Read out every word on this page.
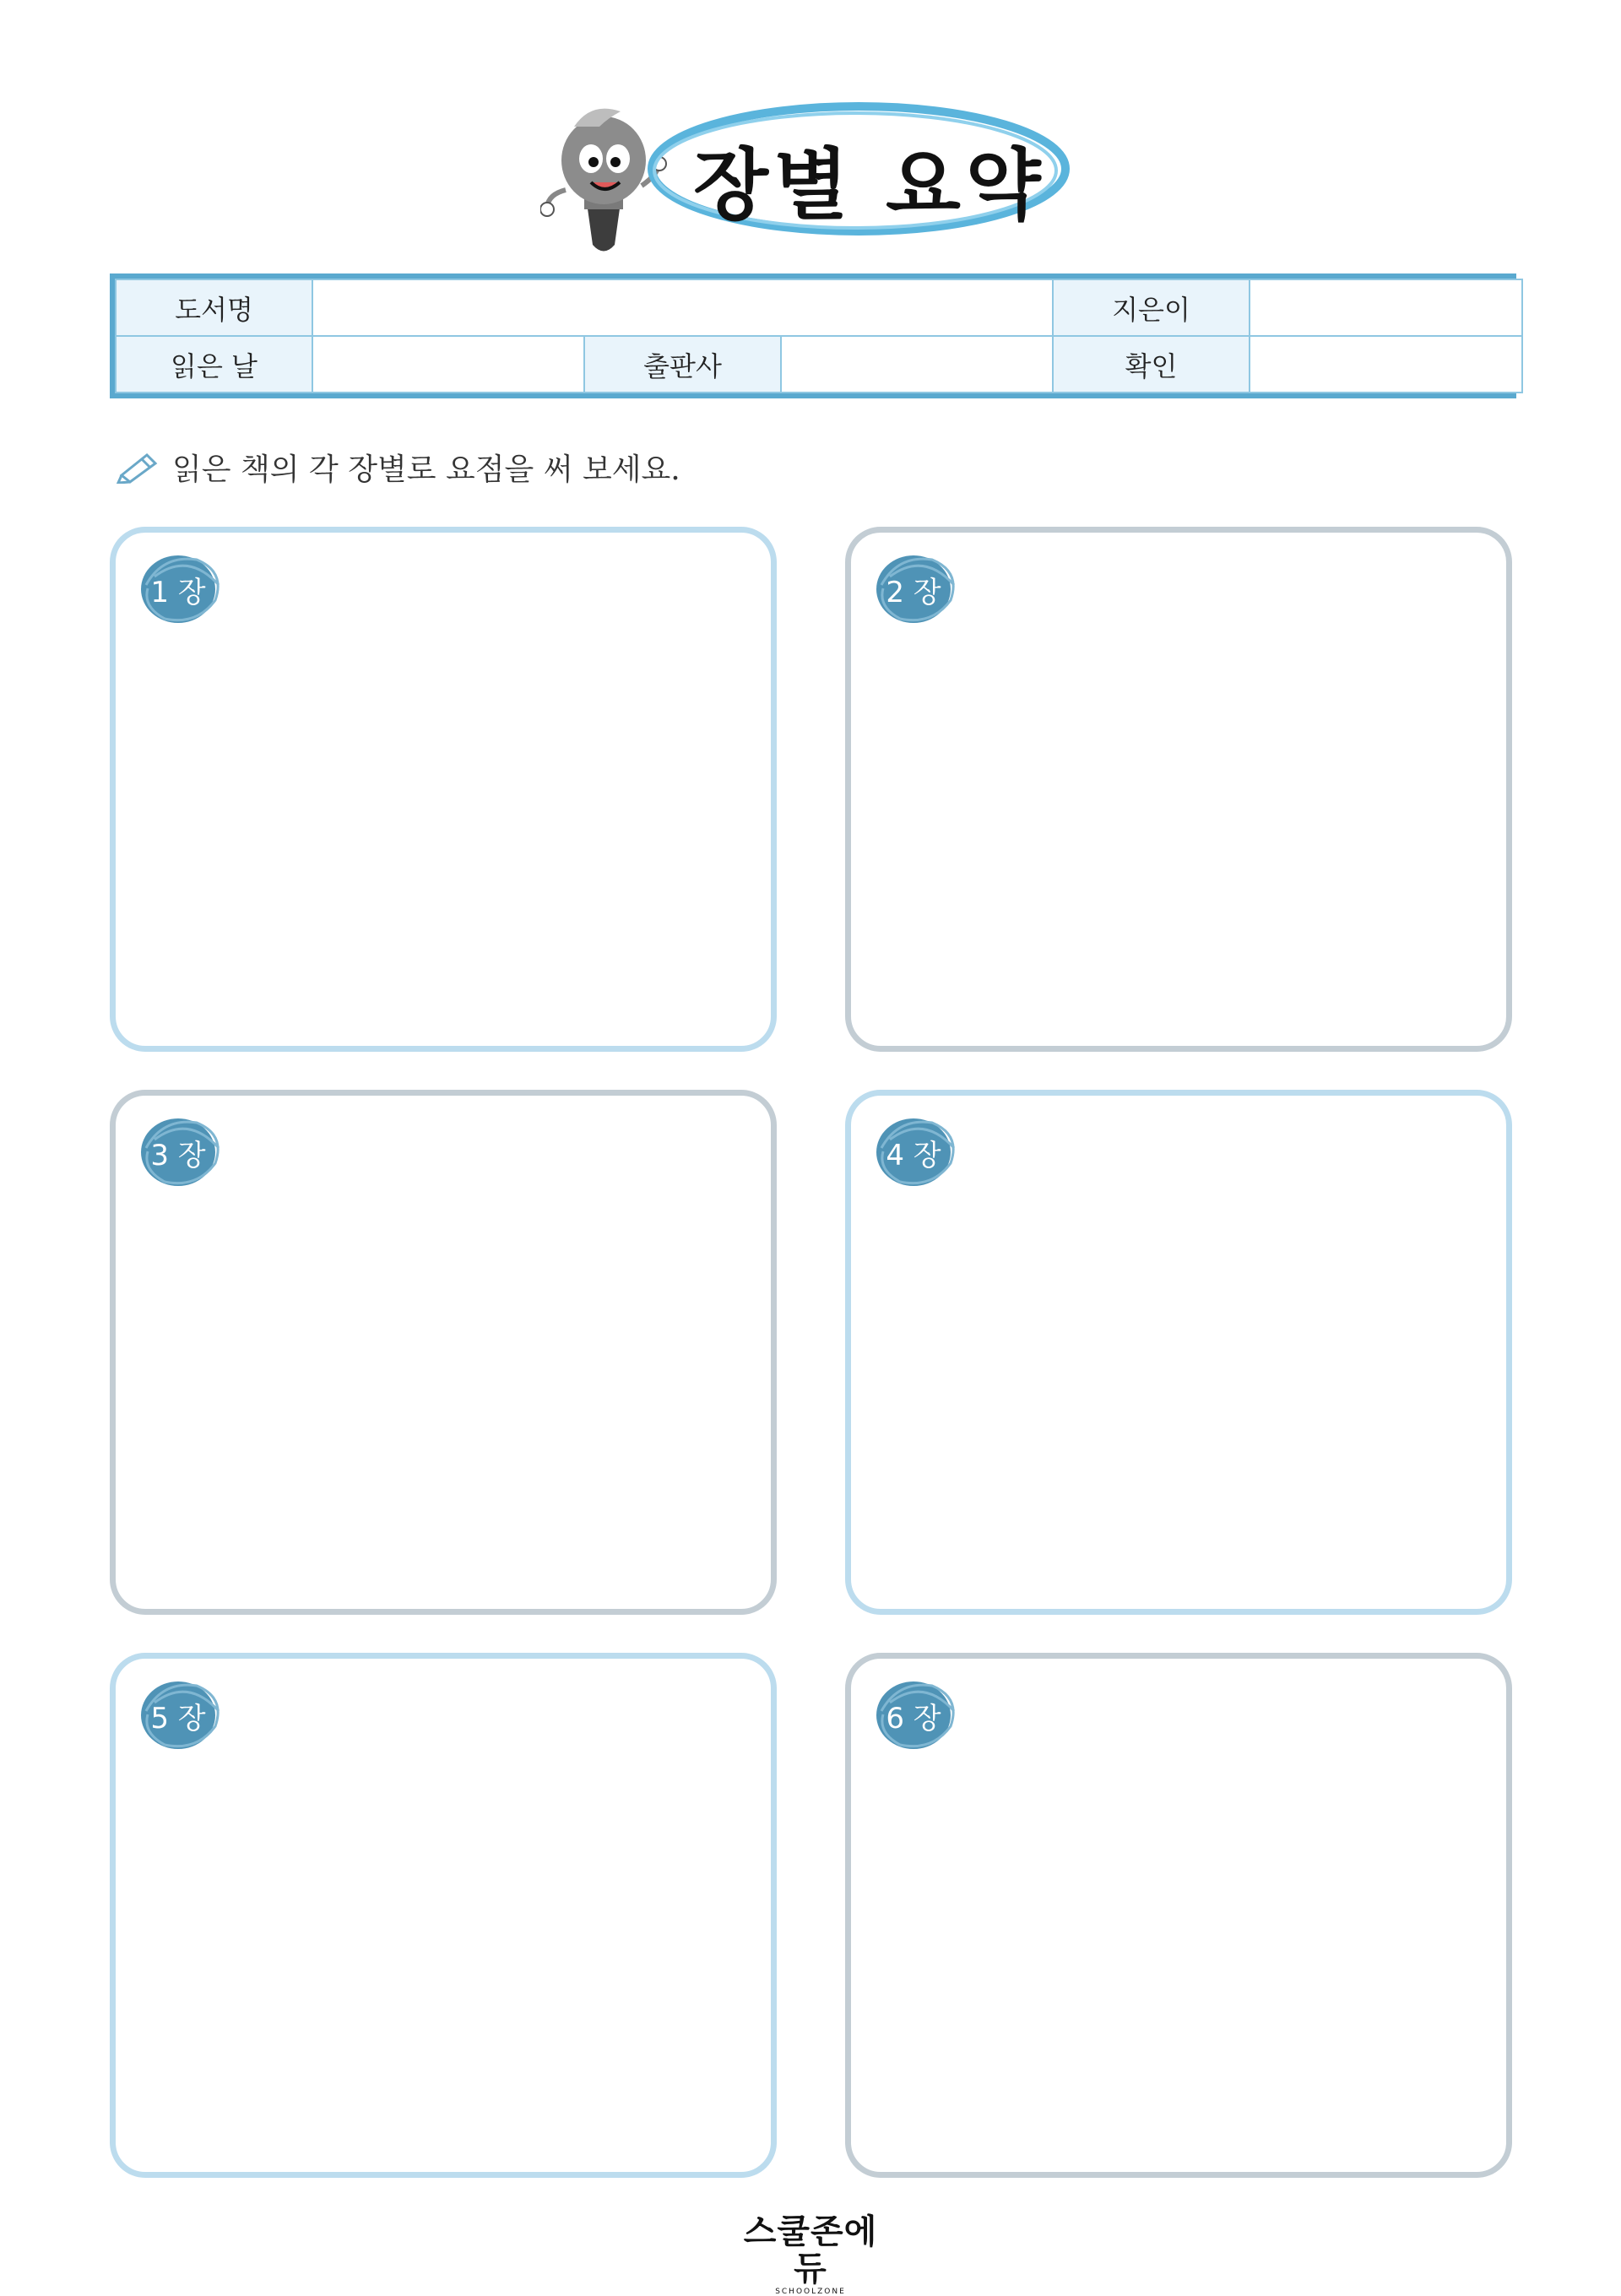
장별 요약
도서명				지은이	
읽은 날		출판사		확인	
읽은 책의 각 장별로 요점을 써 보세요.
1 장	2 장
3 장	4 장
5 장	6 장
스쿨존에듀
SCHOOLZONE
